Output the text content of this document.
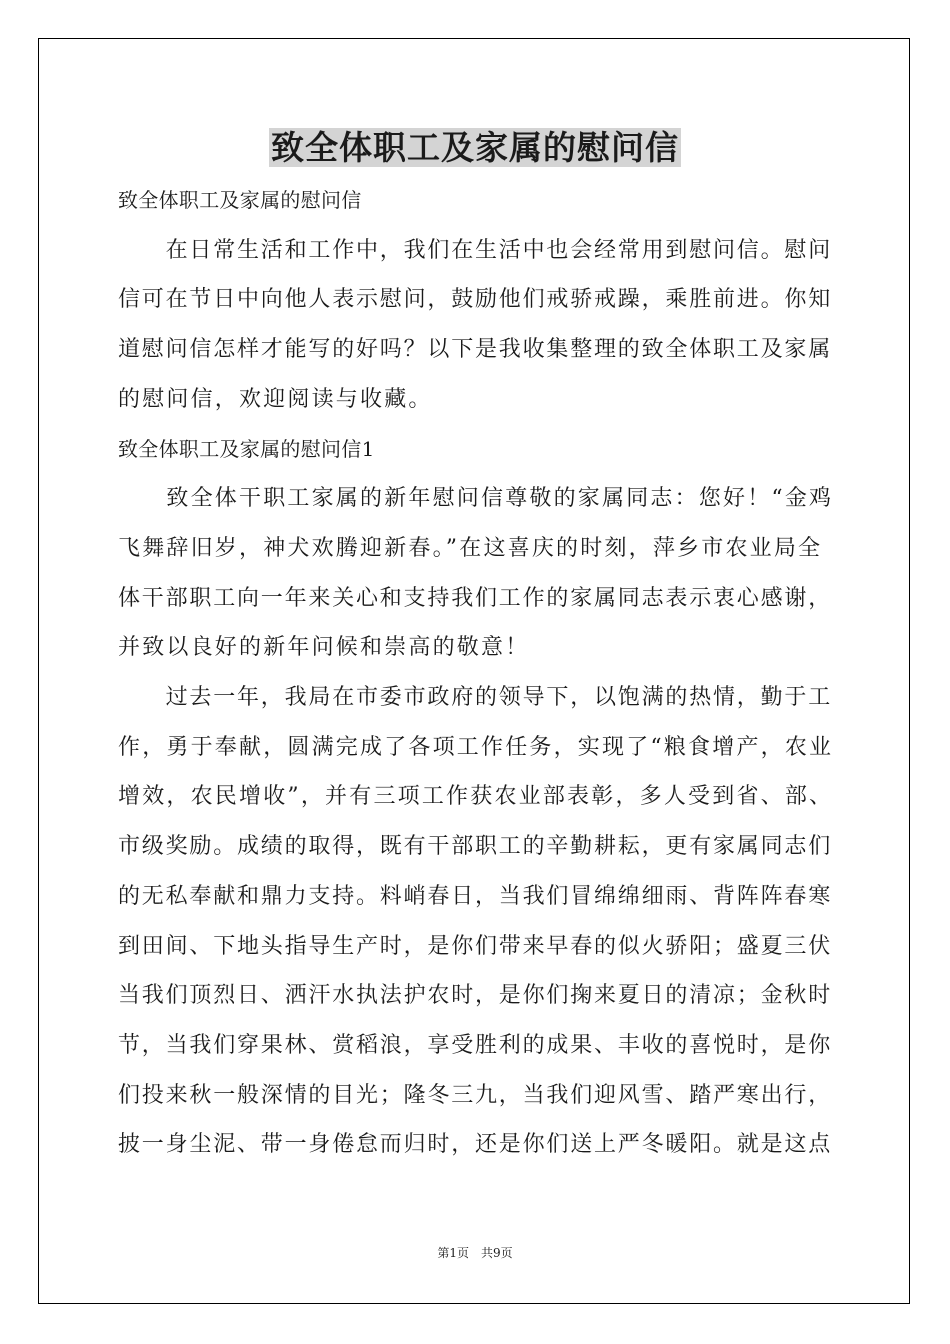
致全体职工及家属的慰问信
致全体职工及家属的慰问信
　　在日常生活和工作中，我们在生活中也会经常用到慰问信。慰问
信可在节日中向他人表示慰问，鼓励他们戒骄戒躁，乘胜前进。你知
道慰问信怎样才能写的好吗？以下是我收集整理的致全体职工及家属
的慰问信，欢迎阅读与收藏。
致全体职工及家属的慰问信1
　　致全体干职工家属的新年慰问信尊敬的家属同志：您好！“金鸡
飞舞辞旧岁，神犬欢腾迎新春。”在这喜庆的时刻，萍乡市农业局全
体干部职工向一年来关心和支持我们工作的家属同志表示衷心感谢，
并致以良好的新年问候和崇高的敬意！
　　过去一年，我局在市委市政府的领导下，以饱满的热情，勤于工
作，勇于奉献，圆满完成了各项工作任务，实现了“粮食增产，农业
增效，农民增收”，并有三项工作获农业部表彰，多人受到省、部、
市级奖励。成绩的取得，既有干部职工的辛勤耕耘，更有家属同志们
的无私奉献和鼎力支持。料峭春日，当我们冒绵绵细雨、背阵阵春寒
到田间、下地头指导生产时，是你们带来早春的似火骄阳；盛夏三伏
当我们顶烈日、洒汗水执法护农时，是你们掬来夏日的清凉；金秋时
节，当我们穿果林、赏稻浪，享受胜利的成果、丰收的喜悦时，是你
们投来秋一般深情的目光；隆冬三九，当我们迎风雪、踏严寒出行，
披一身尘泥、带一身倦怠而归时，还是你们送上严冬暖阳。就是这点
第1页　共9页
